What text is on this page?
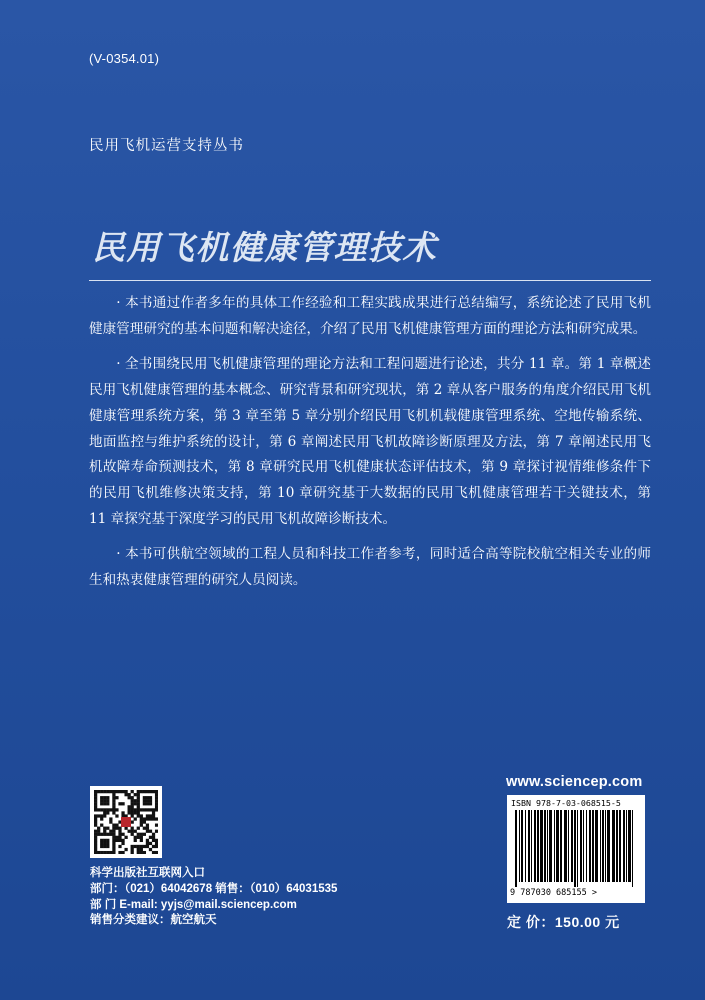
(V-0354.01)
民用飞机运营支持丛书
民用飞机健康管理技术

· 本书通过作者多年的具体工作经验和工程实践成果进行总结编写，系统论述了民用飞机健康管理研究的基本问题和解决途径，介绍了民用飞机健康管理方面的理论方法和研究成果。

· 全书围绕民用飞机健康管理的理论方法和工程问题进行论述，共分 11 章。第 1 章概述民用飞机健康管理的基本概念、研究背景和研究现状，第 2 章从客户服务的角度介绍民用飞机健康管理系统方案，第 3 章至第 5 章分别介绍民用飞机机载健康管理系统、空地传输系统、地面监控与维护系统的设计，第 6 章阐述民用飞机故障诊断原理及方法，第 7 章阐述民用飞机故障寿命预测技术，第 8 章研究民用飞机健康状态评估技术，第 9 章探讨视情维修条件下的民用飞机维修决策支持，第 10 章研究基于大数据的民用飞机健康管理若干关键技术，第 11 章探究基于深度学习的民用飞机故障诊断技术。

· 本书可供航空领域的工程人员和科技工作者参考，同时适合高等院校航空相关专业的师生和热衷健康管理的研究人员阅读。

科学出版社互联网入口
部门：（021）64042678 销售：（010）64031535
部 门 E-mail: yyjs@mail.sciencep.com
销售分类建议：航空航天
www.sciencep.com
ISBN 978-7-03-068515-5
9 787030 685155 >
定 价：150.00 元
